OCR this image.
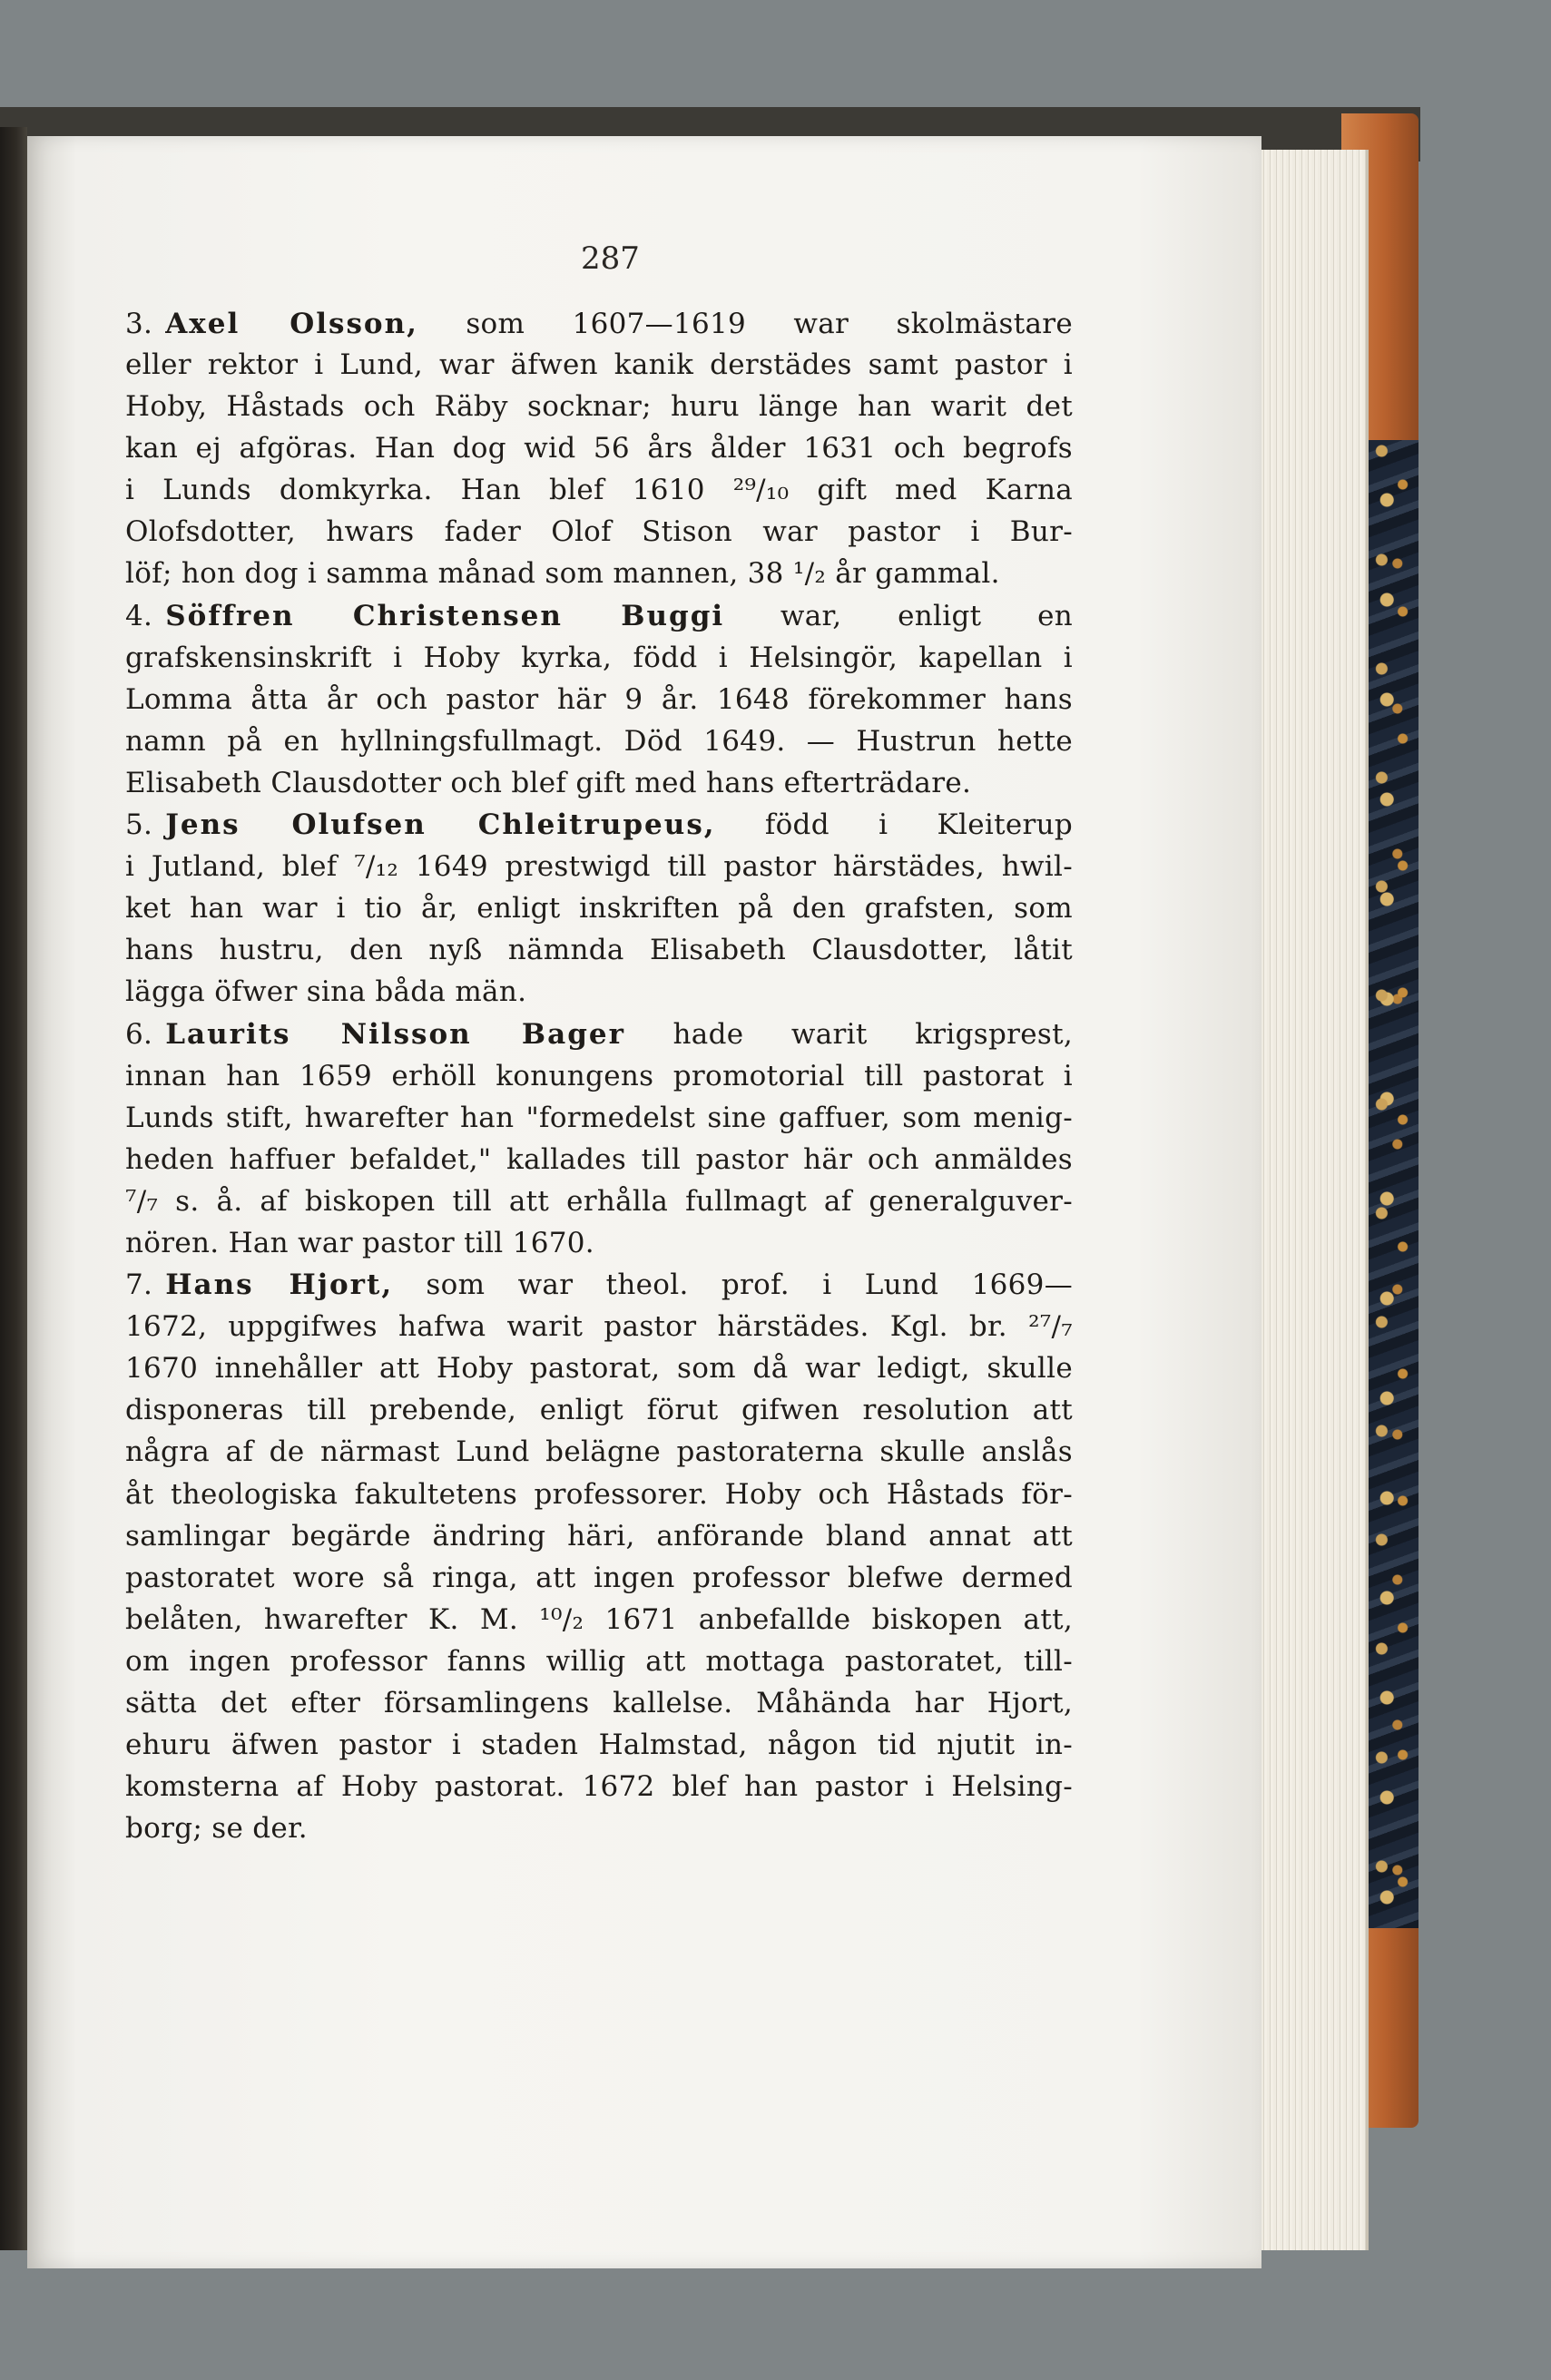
287
3. Axel Olsson, som 1607—1619 war skolmästare
eller rektor i Lund, war äfwen kanik derstädes samt pastor i
Hoby, Håstads och Räby socknar; huru länge han warit det
kan ej afgöras. Han dog wid 56 års ålder 1631 och begrofs
i Lunds domkyrka. Han blef 1610 ²⁹/₁₀ gift med Karna
Olofsdotter, hwars fader Olof Stison war pastor i Bur-
löf; hon dog i samma månad som mannen, 38 ¹/₂ år gammal.
4. Söffren Christensen Buggi war, enligt en
grafskensinskrift i Hoby kyrka, född i Helsingör, kapellan i
Lomma åtta år och pastor här 9 år. 1648 förekommer hans
namn på en hyllningsfullmagt. Död 1649. — Hustrun hette
Elisabeth Clausdotter och blef gift med hans efterträdare.
5. Jens Olufsen Chleitrupeus, född i Kleiterup
i Jutland, blef ⁷/₁₂ 1649 prestwigd till pastor härstädes, hwil-
ket han war i tio år, enligt inskriften på den grafsten, som
hans hustru, den nyß nämnda Elisabeth Clausdotter, låtit
lägga öfwer sina båda män.
6. Laurits Nilsson Bager hade warit krigsprest,
innan han 1659 erhöll konungens promotorial till pastorat i
Lunds stift, hwarefter han "formedelst sine gaffuer, som menig-
heden haffuer befaldet," kallades till pastor här och anmäldes
⁷/₇ s. å. af biskopen till att erhålla fullmagt af generalguver-
nören. Han war pastor till 1670.
7. Hans Hjort, som war theol. prof. i Lund 1669—
1672, uppgifwes hafwa warit pastor härstädes. Kgl. br. ²⁷/₇
1670 innehåller att Hoby pastorat, som då war ledigt, skulle
disponeras till prebende, enligt förut gifwen resolution att
några af de närmast Lund belägne pastoraterna skulle anslås
åt theologiska fakultetens professorer. Hoby och Håstads för-
samlingar begärde ändring häri, anförande bland annat att
pastoratet wore så ringa, att ingen professor blefwe dermed
belåten, hwarefter K. M. ¹⁰/₂ 1671 anbefallde biskopen att,
om ingen professor fanns willig att mottaga pastoratet, till-
sätta det efter församlingens kallelse. Måhända har Hjort,
ehuru äfwen pastor i staden Halmstad, någon tid njutit in-
komsterna af Hoby pastorat. 1672 blef han pastor i Helsing-
borg; se der.
